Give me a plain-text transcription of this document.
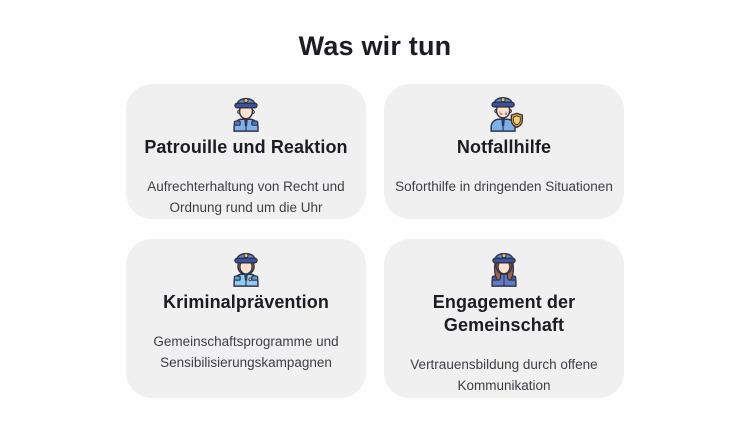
Was wir tun
Patrouille und Reaktion
Aufrechterhaltung von Recht und Ordnung rund um die Uhr
Notfallhilfe
Soforthilfe in dringenden Situationen
Kriminalprävention
Gemeinschaftsprogramme und Sensibilisierungskampagnen
Engagement der Gemeinschaft
Vertrauensbildung durch offene Kommunikation
